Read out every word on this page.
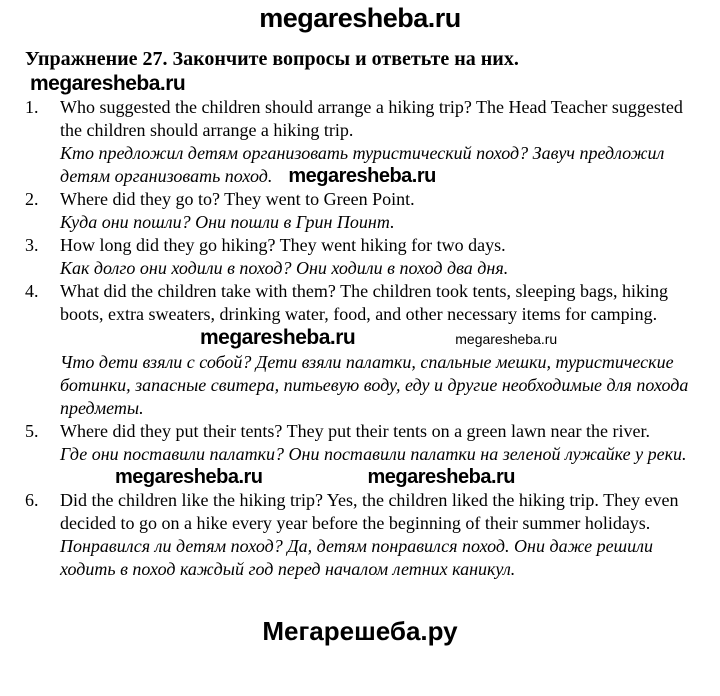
megaresheba.ru
Упражнение 27. Закончите вопросы и ответьте на них.
megaresheba.ru
1.	Who suggested the children should arrange a hiking trip? The Head Teacher suggested the children should arrange a hiking trip.

Кто предложил детям организовать туристический поход? Завуч предложил детям организовать поход. megaresheba.ru

2.	Where did they go to? They went to Green Point.

Куда они пошли? Они пошли в Грин Поинт.

3.	How long did they go hiking? They went hiking for two days.

Как долго они ходили в поход? Они ходили в поход два дня.

4.	What did the children take with them? The children took tents, sleeping bags, hiking boots, extra sweaters, drinking water, food, and other necessary items for camping.megaresheba.ru	megaresheba.ru

Что дети взяли с собой? Дети взяли палатки, спальные мешки, туристические ботинки, запасные свитера, питьевую воду, еду и другие необходимые для похода предметы.

5.	Where did they put their tents? They put their tents on a green lawn near the river.

Где они поставили палатки? Они поставили палатки на зеленой лужайке у реки.megaresheba.ru	megaresheba.ru

6.	Did the children like the hiking trip? Yes, the children liked the hiking trip. They even decided to go on a hike every year before the beginning of their summer holidays.

Понравился ли детям поход? Да, детям понравился поход. Они даже решили ходить в поход каждый год перед началом летних каникул.

Мегарешеба.ру
